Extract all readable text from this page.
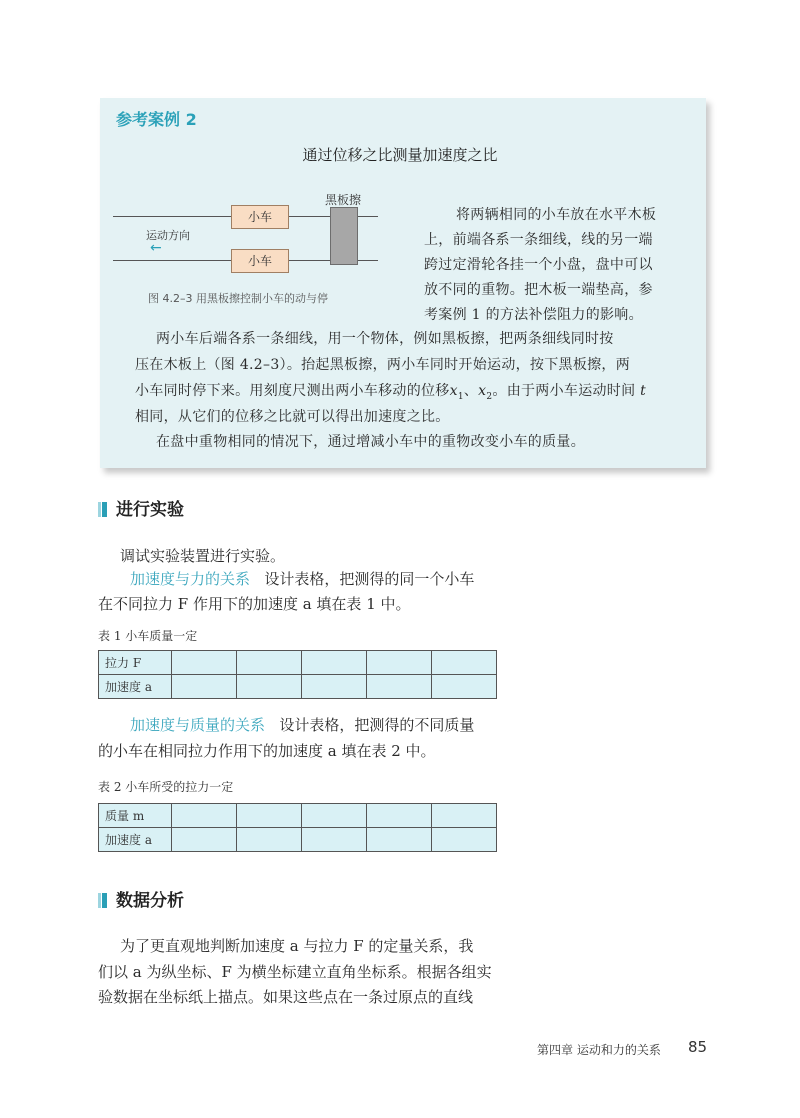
参考案例 2
通过位移之比测量加速度之比
小车
小车
黑板擦
运动方向
←
图 4.2–3 用黑板擦控制小车的动与停
将两辆相同的小车放在水平木板
上，前端各系一条细线，线的另一端
跨过定滑轮各挂一个小盘，盘中可以
放不同的重物。把木板一端垫高，参
考案例 1 的方法补偿阻力的影响。
两小车后端各系一条细线，用一个物体，例如黑板擦，把两条细线同时按
压在木板上（图 4.2–3）。抬起黑板擦，两小车同时开始运动，按下黑板擦，两
小车同时停下来。用刻度尺测出两小车移动的位移$x_1$、$x_2$。由于两小车运动时间 t
相同，从它们的位移之比就可以得出加速度之比。
在盘中重物相同的情况下，通过增减小车中的重物改变小车的质量。
进行实验
调试实验装置进行实验。
加速度与力的关系 设计表格，把测得的同一个小车
在不同拉力 F 作用下的加速度 a 填在表 1 中。
表 1 小车质量一定
拉力 F					
加速度 a					
加速度与质量的关系 设计表格，把测得的不同质量
的小车在相同拉力作用下的加速度 a 填在表 2 中。
表 2 小车所受的拉力一定
质量 m					
加速度 a					
数据分析
为了更直观地判断加速度 a 与拉力 F 的定量关系，我
们以 a 为纵坐标、F 为横坐标建立直角坐标系。根据各组实
验数据在坐标纸上描点。如果这些点在一条过原点的直线
第四章 运动和力的关系 85
